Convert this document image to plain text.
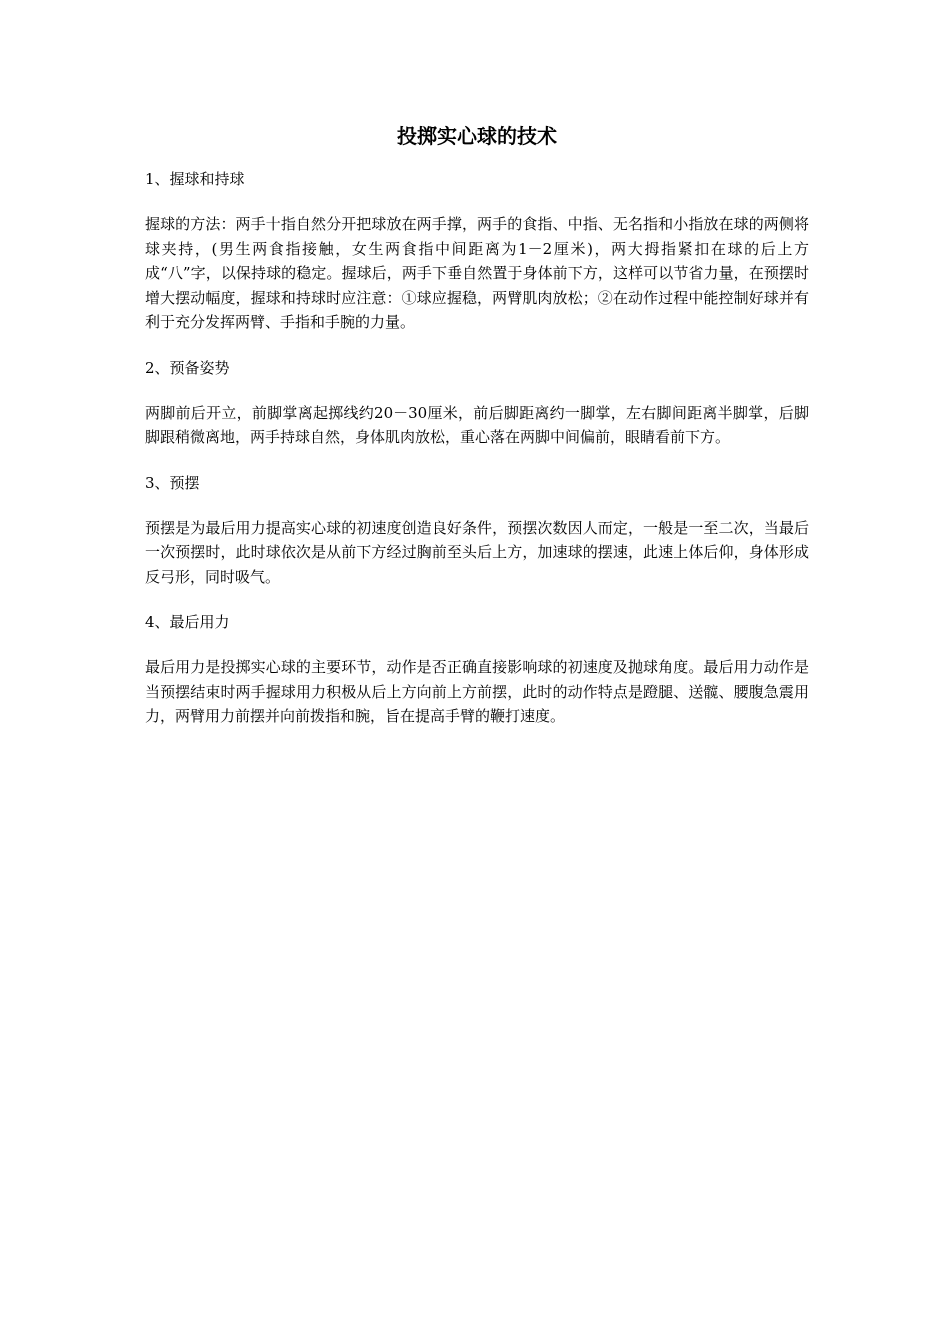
投掷实心球的技术
1、握球和持球

握球的方法：两手十指自然分开把球放在两手撑，两手的食指、中指、无名指和小指放在球的两侧将球夹持，(男生两食指接触，女生两食指中间距离为1－2厘米)，两大拇指紧扣在球的后上方成“八”字，以保持球的稳定。握球后，两手下垂自然置于身体前下方，这样可以节省力量，在预摆时增大摆动幅度，握球和持球时应注意：①球应握稳，两臂肌肉放松；②在动作过程中能控制好球并有利于充分发挥两臂、手指和手腕的力量。

2、预备姿势

两脚前后开立，前脚掌离起掷线约20－30厘米，前后脚距离约一脚掌，左右脚间距离半脚掌，后脚脚跟稍微离地，两手持球自然，身体肌肉放松，重心落在两脚中间偏前，眼睛看前下方。

3、预摆

预摆是为最后用力提高实心球的初速度创造良好条件，预摆次数因人而定，一般是一至二次，当最后一次预摆时，此时球依次是从前下方经过胸前至头后上方，加速球的摆速，此速上体后仰，身体形成反弓形，同时吸气。

4、最后用力

最后用力是投掷实心球的主要环节，动作是否正确直接影响球的初速度及抛球角度。最后用力动作是当预摆结束时两手握球用力积极从后上方向前上方前摆，此时的动作特点是蹬腿、送髋、腰腹急震用力，两臂用力前摆并向前拨指和腕，旨在提高手臂的鞭打速度。
